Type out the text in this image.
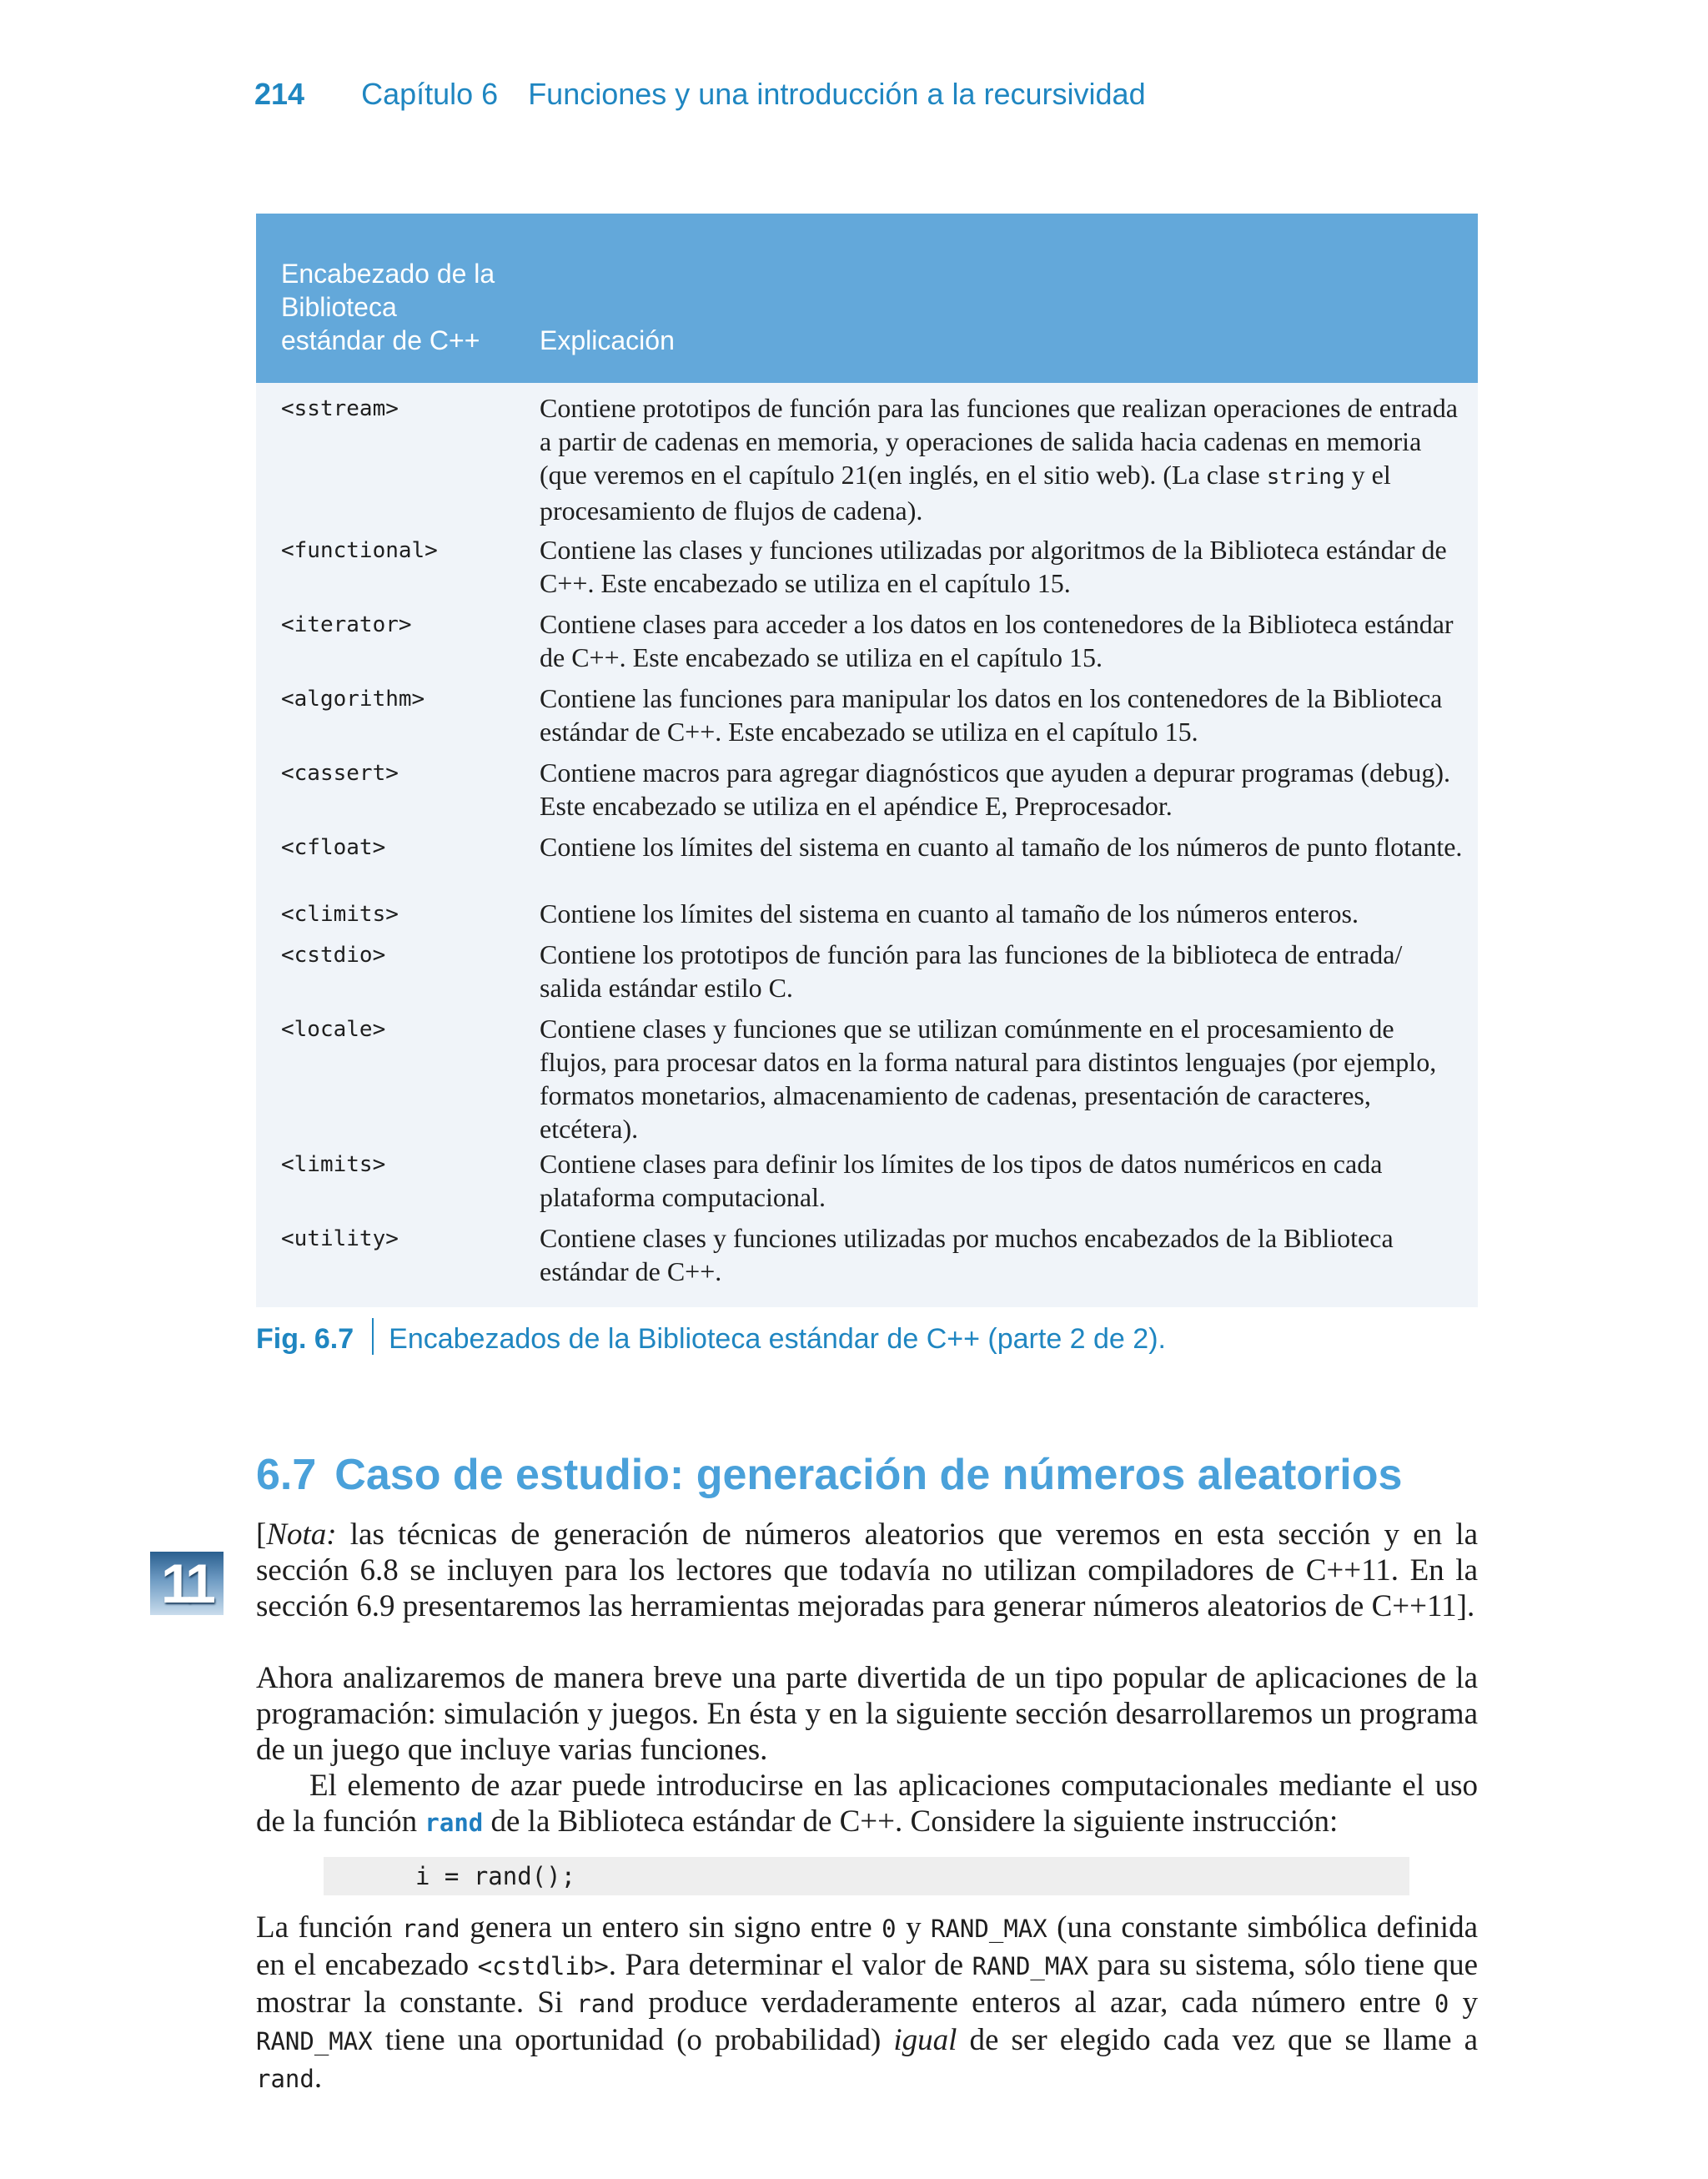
214 Capítulo 6 Funciones y una introducción a la recursividad
Encabezado de la
Biblioteca
estándar de C++	Explicación
<sstream>	Contiene prototipos de función para las funciones que realizan operaciones de entrada a partir de cadenas en memoria, y operaciones de salida hacia cadenas en memoria (que veremos en el capítulo 21(en inglés, en el sitio web). (La clase string y el procesamiento de flujos de cadena).
<functional>	Contiene las clases y funciones utilizadas por algoritmos de la Biblioteca estándar de C++. Este encabezado se utiliza en el capítulo 15.
<iterator>	Contiene clases para acceder a los datos en los contenedores de la Biblioteca estándar de C++. Este encabezado se utiliza en el capítulo 15.
<algorithm>	Contiene las funciones para manipular los datos en los contenedores de la Biblioteca estándar de C++. Este encabezado se utiliza en el capítulo 15.
<cassert>	Contiene macros para agregar diagnósticos que ayuden a depurar programas (debug). Este encabezado se utiliza en el apéndice E, Preprocesador.
<cfloat>	Contiene los límites del sistema en cuanto al tamaño de los números de punto flotante.
<climits>	Contiene los límites del sistema en cuanto al tamaño de los números enteros.
<cstdio>	Contiene los prototipos de función para las funciones de la biblioteca de entrada/ salida estándar estilo C.
<locale>	Contiene clases y funciones que se utilizan comúnmente en el procesamiento de flujos, para procesar datos en la forma natural para distintos lenguajes (por ejemplo, formatos monetarios, almacenamiento de cadenas, presentación de caracteres, etcétera).
<limits>	Contiene clases para definir los límites de los tipos de datos numéricos en cada plataforma computacional.
<utility>	Contiene clases y funciones utilizadas por muchos encabezados de la Biblioteca estándar de C++.
Fig. 6.7 Encabezados de la Biblioteca estándar de C++ (parte 2 de 2).
6.7 Caso de estudio: generación de números aleatorios
11
[Nota: las técnicas de generación de números aleatorios que veremos en esta sección y en la sección 6.8 se incluyen para los lectores que todavía no utilizan compiladores de C++11. En la sección 6.9 presentaremos las herramientas mejoradas para generar números aleatorios de C++11].
Ahora analizaremos de manera breve una parte divertida de un tipo popular de aplicaciones de la programación: simulación y juegos. En ésta y en la siguiente sección desarrollaremos un programa de un juego que incluye varias funciones.
El elemento de azar puede introducirse en las aplicaciones computacionales mediante el uso de la función rand de la Biblioteca estándar de C++. Considere la siguiente instrucción:
i = rand();
La función rand genera un entero sin signo entre 0 y RAND_MAX (una constante simbólica definida en el encabezado <cstdlib>. Para determinar el valor de RAND_MAX para su sistema, sólo tiene que mostrar la constante. Si rand produce verdaderamente enteros al azar, cada número entre 0 y RAND_MAX tiene una oportunidad (o probabilidad) igual de ser elegido cada vez que se llame a rand.
